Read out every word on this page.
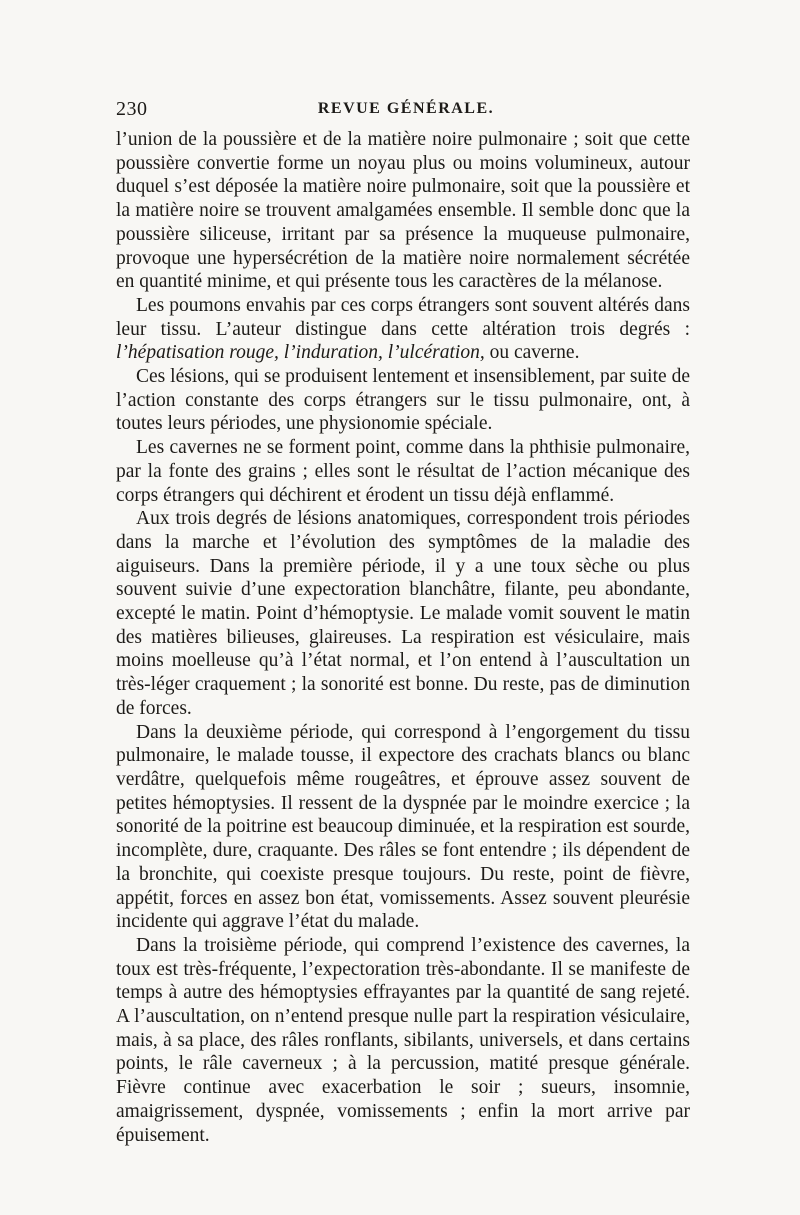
230	REVUE GÉNÉRALE.

l’union de la poussière et de la matière noire pulmonaire ; soit que cette poussière convertie forme un noyau plus ou moins volumineux, autour duquel s’est déposée la matière noire pulmonaire, soit que la poussière et la matière noire se trouvent amalgamées ensemble. Il semble donc que la poussière siliceuse, irritant par sa présence la muqueuse pulmonaire, provoque une hypersécrétion de la matière noire normalement sécrétée en quantité minime, et qui présente tous les caractères de la mélanose.

Les poumons envahis par ces corps étrangers sont souvent altérés dans leur tissu. L’auteur distingue dans cette altération trois degrés : l’hépatisation rouge, l’induration, l’ulcération, ou caverne.

Ces lésions, qui se produisent lentement et insensiblement, par suite de l’action constante des corps étrangers sur le tissu pulmonaire, ont, à toutes leurs périodes, une physionomie spéciale.

Les cavernes ne se forment point, comme dans la phthisie pulmonaire, par la fonte des grains ; elles sont le résultat de l’action mécanique des corps étrangers qui déchirent et érodent un tissu déjà enflammé.

Aux trois degrés de lésions anatomiques, correspondent trois périodes dans la marche et l’évolution des symptômes de la maladie des aiguiseurs. Dans la première période, il y a une toux sèche ou plus souvent suivie d’une expectoration blanchâtre, filante, peu abondante, excepté le matin. Point d’hémoptysie. Le malade vomit souvent le matin des matières bilieuses, glaireuses. La respiration est vésiculaire, mais moins moelleuse qu’à l’état normal, et l’on entend à l’auscultation un très-léger craquement ; la sonorité est bonne. Du reste, pas de diminution de forces.

Dans la deuxième période, qui correspond à l’engorgement du tissu pulmonaire, le malade tousse, il expectore des crachats blancs ou blanc verdâtre, quelquefois même rougeâtres, et éprouve assez souvent de petites hémoptysies. Il ressent de la dyspnée par le moindre exercice ; la sonorité de la poitrine est beaucoup diminuée, et la respiration est sourde, incomplète, dure, craquante. Des râles se font entendre ; ils dépendent de la bronchite, qui coexiste presque toujours. Du reste, point de fièvre, appétit, forces en assez bon état, vomissements. Assez souvent pleurésie incidente qui aggrave l’état du malade.

Dans la troisième période, qui comprend l’existence des cavernes, la toux est très-fréquente, l’expectoration très-abondante. Il se manifeste de temps à autre des hémoptysies effrayantes par la quantité de sang rejeté. A l’auscultation, on n’entend presque nulle part la respiration vésiculaire, mais, à sa place, des râles ronflants, sibilants, universels, et dans certains points, le râle caverneux ; à la percussion, matité presque générale. Fièvre continue avec exacerbation le soir ; sueurs, insomnie, amaigrissement, dyspnée, vomissements ; enfin la mort arrive par épuisement.
